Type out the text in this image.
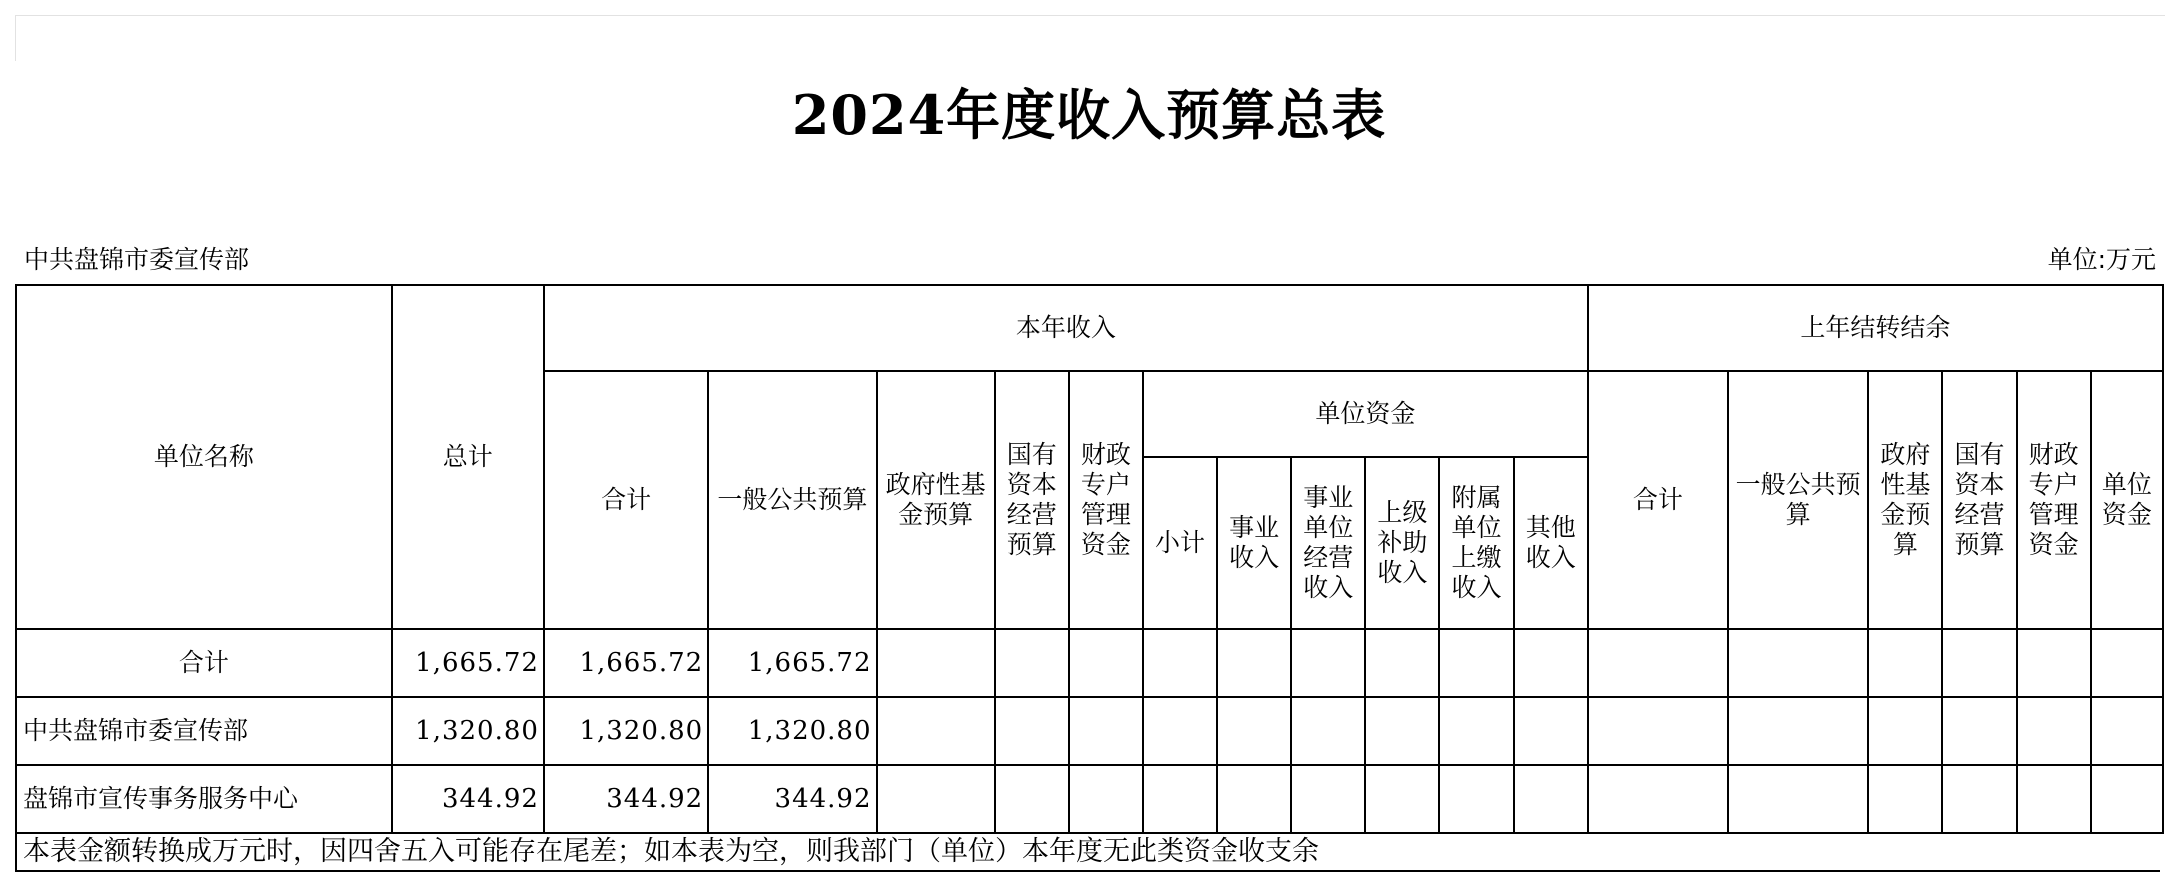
2024年度收入预算总表
中共盘锦市委宣传部	单位:万元
单位名称	总计	本年收入											上年结转结余					
		合计	一般公共预算	政府性基金预算	国有资本经营预算	财政专户管理资金	单位资金						合计	一般公共预算	政府性基金预算	国有资本经营预算	财政专户管理资金	单位资金
							小计	事业收入	事业单位经营收入	上级补助收入	附属单位上缴收入	其他收入						

合计	1,665.72	1,665.72	1,665.72															
中共盘锦市委宣传部	1,320.80	1,320.80	1,320.80															
盘锦市宣传事务服务中心	344.92	344.92	344.92															
本表金额转换成万元时，因四舍五入可能存在尾差；如本表为空，则我部门（单位）本年度无此类资金收支余
